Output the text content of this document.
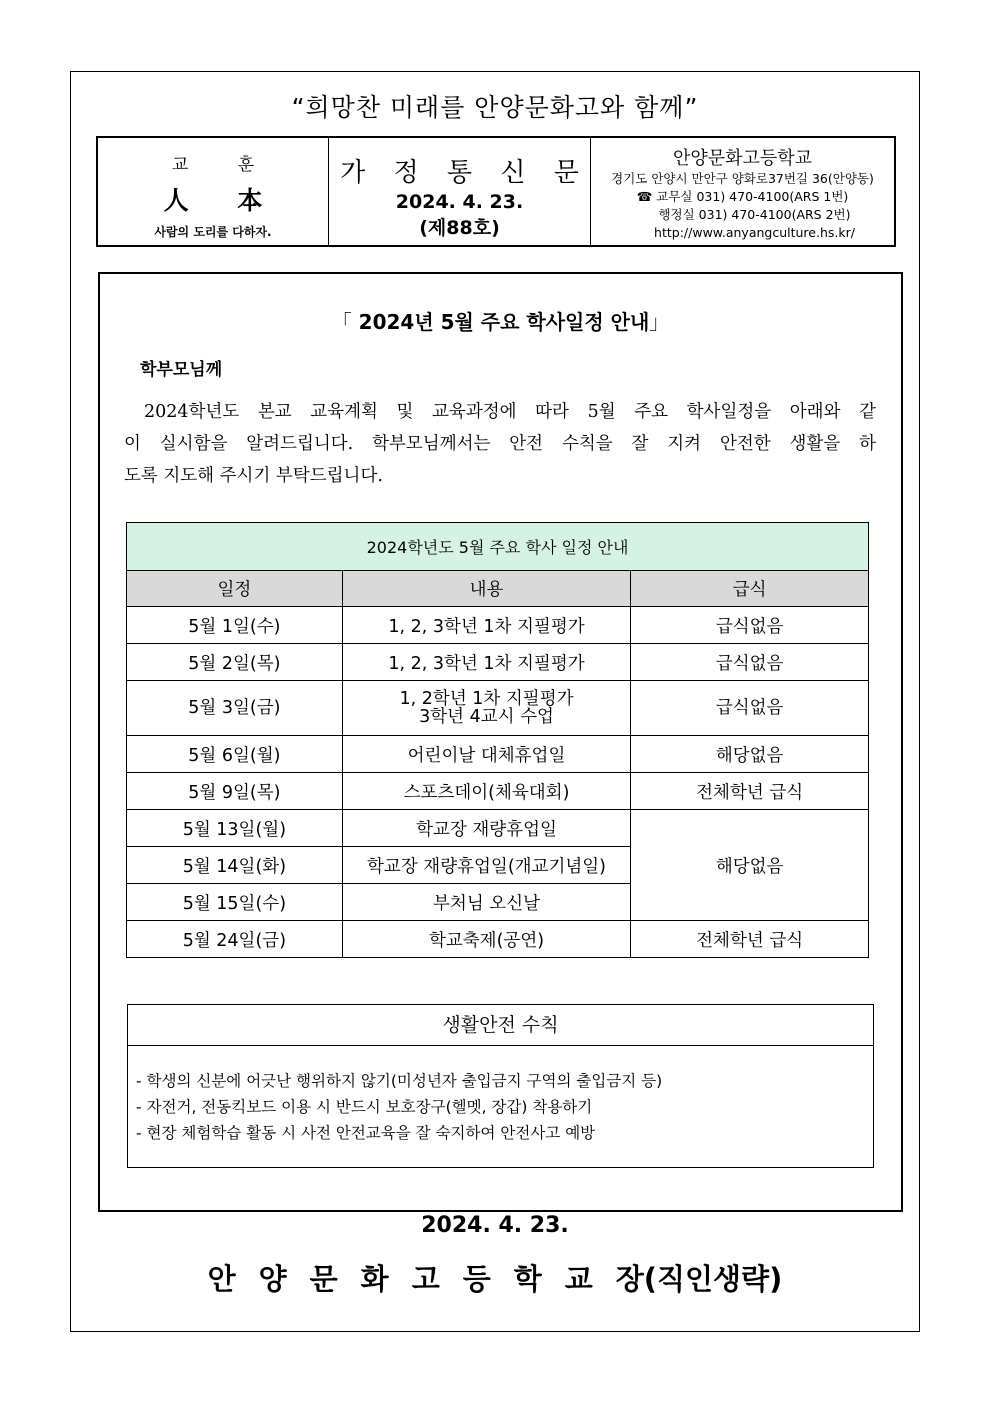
“희망찬 미래를 안양문화고와 함께”
교 훈
人 本
사람의 도리를 다하자.
가 정 통 신 문
2024. 4. 23.
(제88호)
안양문화고등학교
경기도 안양시 만안구 양화로37번길 36(안양동)
☎ 교무실 031) 470-4100(ARS 1번)
행정실 031) 470-4100(ARS 2번)
http://www.anyangculture.hs.kr/
「 2024년 5월 주요 학사일정 안내」
학부모님께
2024학년도 본교 교육계획 및 교육과정에 따라 5월 주요 학사일정을 아래와 같
이 실시함을 알려드립니다. 학부모님께서는 안전 수칙을 잘 지켜 안전한 생활을 하
도록 지도해 주시기 부탁드립니다.
2024학년도 5월 주요 학사 일정 안내		
일정	내용	급식
5월 1일(수)	1, 2, 3학년 1차 지필평가	급식없음
5월 2일(목)	1, 2, 3학년 1차 지필평가	급식없음
5월 3일(금)	1, 2학년 1차 지필평가
3학년 4교시 수업	급식없음
5월 6일(월)	어린이날 대체휴업일	해당없음
5월 9일(목)	스포츠데이(체육대회)	전체학년 급식
5월 13일(월)	학교장 재량휴업일	해당없음
5월 14일(화)	학교장 재량휴업일(개교기념일)	
5월 15일(수)	부처님 오신날	
5월 24일(금)	학교축제(공연)	전체학년 급식
생활안전 수칙
- 학생의 신분에 어긋난 행위하지 않기(미성년자 출입금지 구역의 출입금지 등)
- 자전거, 전동킥보드 이용 시 반드시 보호장구(헬멧, 장갑) 착용하기
- 현장 체험학습 활동 시 사전 안전교육을 잘 숙지하여 안전사고 예방
2024. 4. 23.
안양문화고등학교장(직인생략)
